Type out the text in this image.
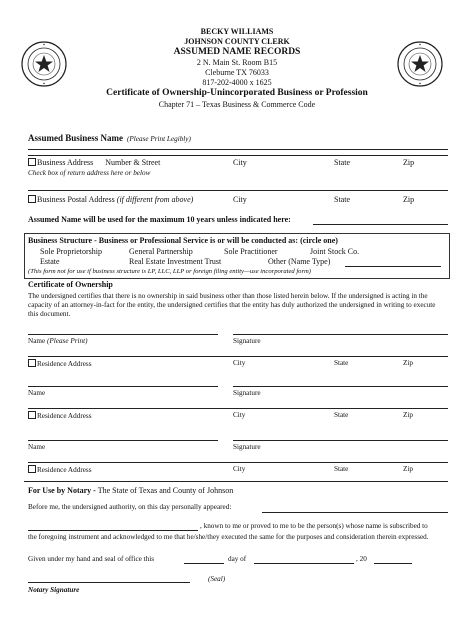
BECKY WILLIAMS
JOHNSON COUNTY CLERK
ASSUMED NAME RECORDS
2 N. Main St. Room B15
Cleburne TX 76033
817-202-4000 x 1625
Certificate of Ownership-Unincorporated Business or Profession
Chapter 71 – Texas Business & Commerce Code
Assumed Business Name (Please Print Legibly)
Business Address Number & Street	City	State	Zip
Check box of return address here or below
Business Postal Address (if different from above)	City	State	Zip
Assumed Name will be used for the maximum 10 years unless indicated here:
Business Structure - Business or Professional Service is or will be conducted as: (circle one)
Sole Proprietorship	General Partnership	Sole Practitioner	Joint Stock Co.
Estate	Real Estate Investment Trust	Other (Name Type)
(This form not for use if business structure is LP, LLC, LLP or foreign filing entity—use incorporated form)
Certificate of Ownership
The undersigned certifies that there is no ownership in said business other than those listed herein below. If the undersigned is acting in the capacity of an attorney-in-fact for the entity, the undersigned certifies that the entity has duly authorized the undersigned in writing to execute this document.
Name (Please Print)	Signature
Residence Address	City	State	Zip
Name	Signature
Residence Address	City	State	Zip
Name	Signature
Residence Address	City	State	Zip
For Use by Notary - The State of Texas and County of Johnson
Before me, the undersigned authority, on this day personally appeared:
, known to me or proved to me to be the person(s) whose name is subscribed to
the foregoing instrument and acknowledged to me that he/she/they executed the same for the purposes and consideration therein expressed.
Given under my hand and seal of office this	day of	, 20
(Seal)
Notary Signature
